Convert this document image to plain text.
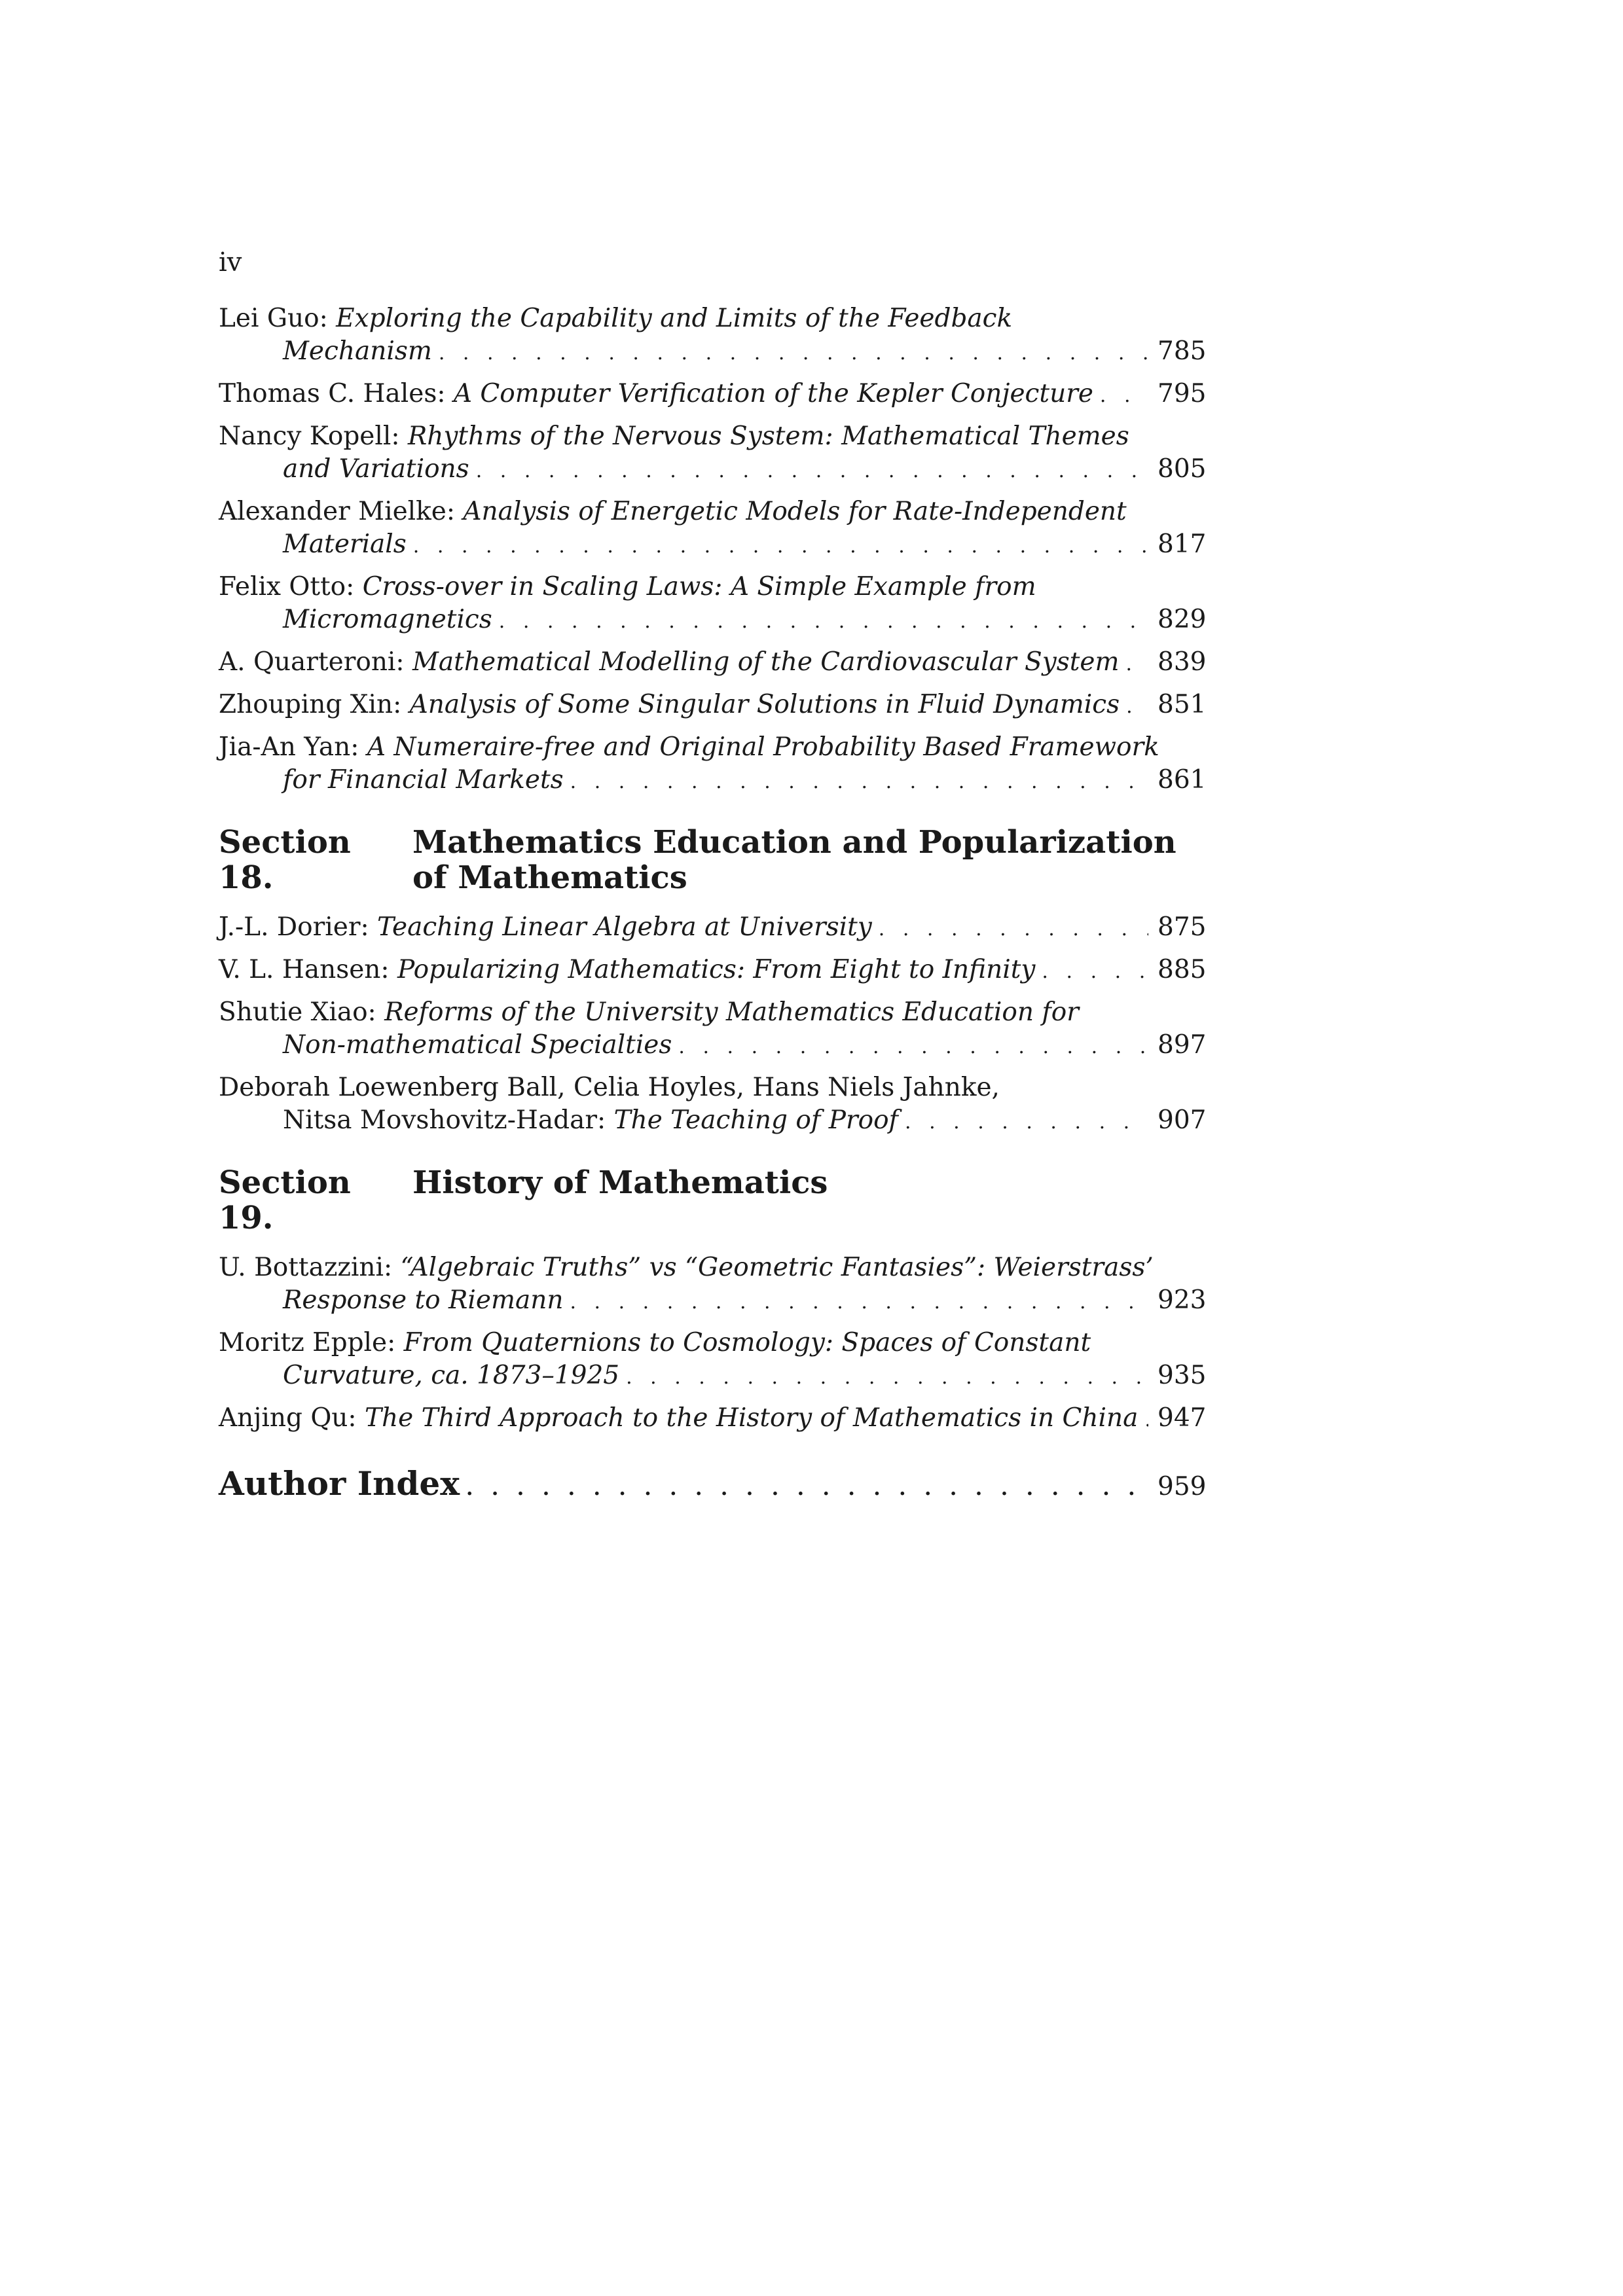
iv
Lei Guo:
Exploring the Capability and Limits of the Feedback
Mechanism . . .	785
Thomas C. Hales:
A Computer Verification of the Kepler Conjecture . . .	795
Nancy Kopell:
Rhythms of the Nervous System: Mathematical Themes
and Variations . . .	805
Alexander Mielke:
Analysis of Energetic Models for Rate-Independent
Materials . . .	817
Felix Otto:
Cross-over in Scaling Laws: A Simple Example from
Micromagnetics . . .	829
A. Quarteroni:
Mathematical Modelling of the Cardiovascular System . . . 839
Zhouping Xin:
Analysis of Some Singular Solutions in Fluid Dynamics . . . 851
Jia-An Yan:
A Numeraire-free and Original Probability Based Framework
for Financial Markets . . .	861
Section 18.
Mathematics Education and Popularization of Mathematics
J.-L. Dorier:
Teaching Linear Algebra at University . . .	875
V. L. Hansen:
Popularizing Mathematics: From Eight to Infinity . . .	885
Shutie Xiao:
Reforms of the University Mathematics Education for
Non-mathematical Specialties . . .	897
Deborah Loewenberg Ball, Celia Hoyles, Hans Niels Jahnke,
Nitsa Movshovitz-Hadar:
The Teaching of Proof . . .	907
Section 19.
History of Mathematics
U. Bottazzini:
“Algebraic Truths” vs “Geometric Fantasies”: Weierstrass’
Response to Riemann . . .	923
Moritz Epple:
From Quaternions to Cosmology: Spaces of Constant
Curvature, ca. 1873–1925 . . .	935
Anjing Qu:
The Third Approach to the History of Mathematics in China . . . 947
Author Index . . .	959
